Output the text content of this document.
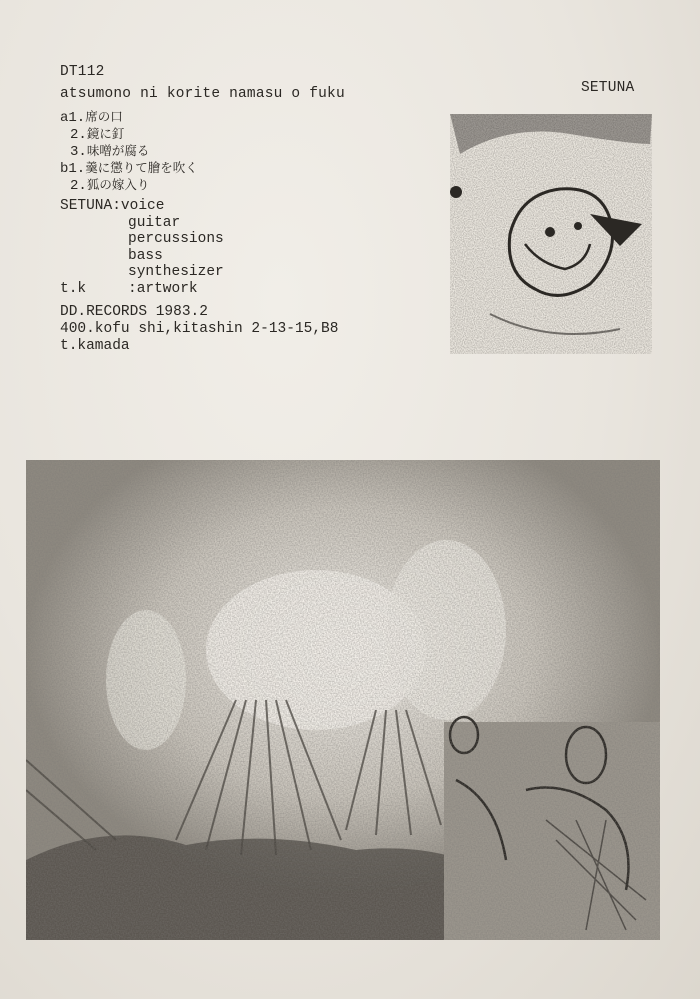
DT112
SETUNA
atsumono ni korite namasu o fuku
a1.席の口
2.鏡に釘
3.味噌が腐る
b1.羹に懲りて膾を吹く
2.狐の嫁入り
SETUNA:voice
guitar
percussions
bass
synthesizer
t.k	:artwork
DD.RECORDS 1983.2
400.kofu shi,kitashin 2-13-15,B8
t.kamada
